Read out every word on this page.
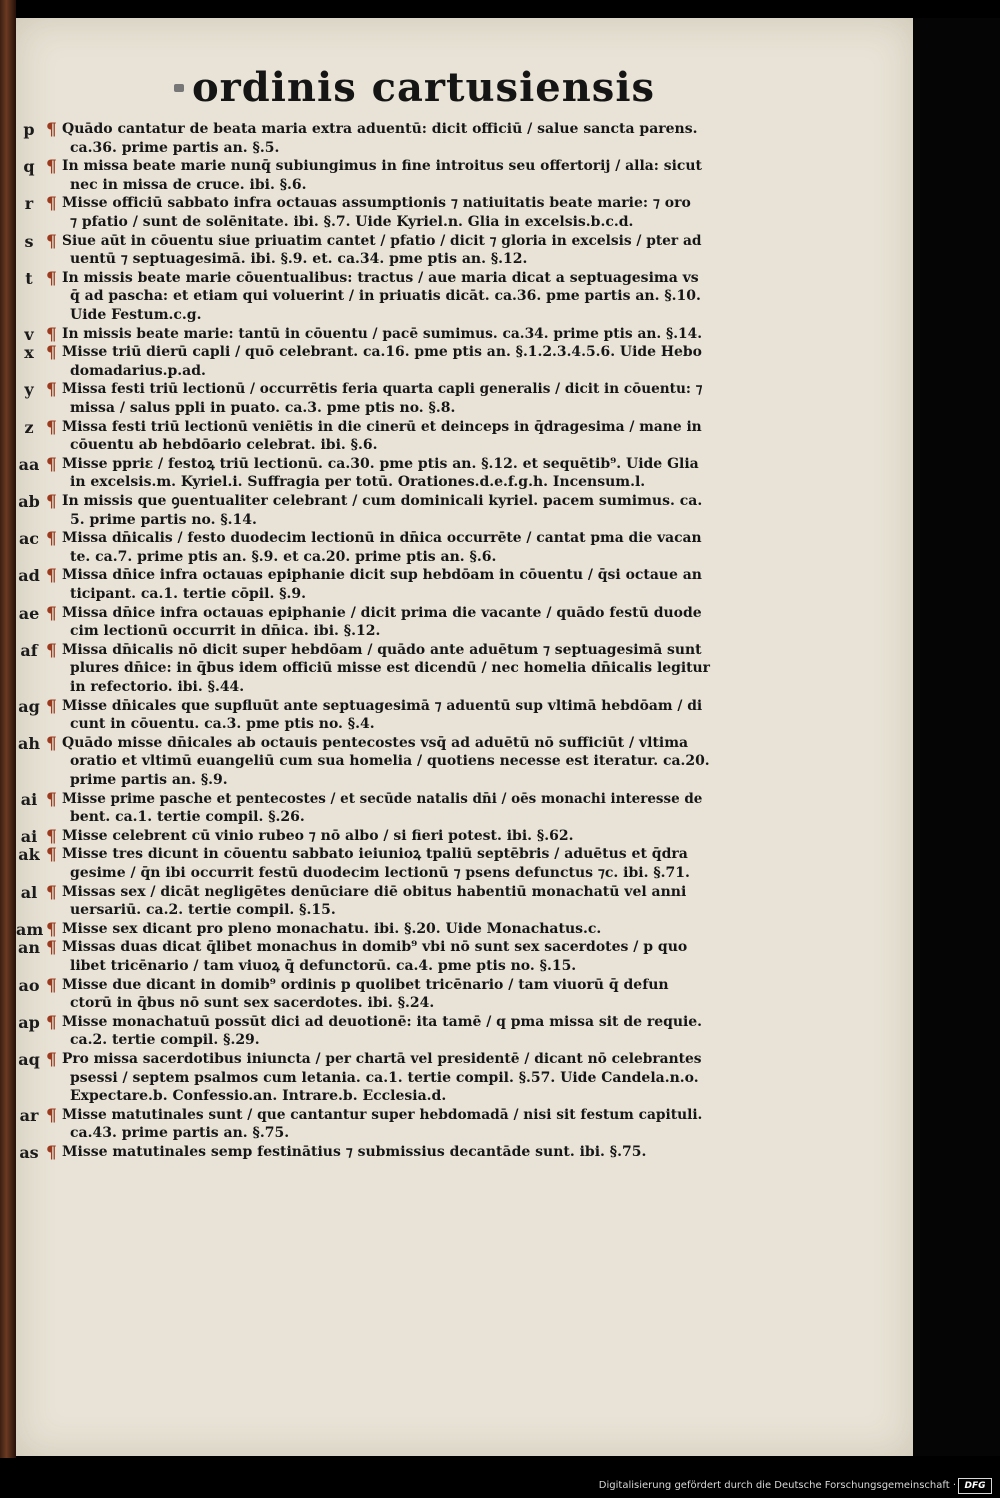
ordinis cartusiensis
p	Quādo cantatur de beata maria extra aduentū: dicit officiū / salue sancta parens.
ca.36. prime partis an. §.5.
¶
q	In missa beate marie nunq̄ subiungimus in fine introitus seu offertorij / alla: sicut
nec in missa de cruce. ibi. §.6.
¶
r	Misse officiū sabbato infra octauas assumptionis ⁊ natiuitatis beate marie: ⁊ oro
⁊ pfatio / sunt de solēnitate. ibi. §.7. Uide Kyriel.n. Glia in excelsis.b.c.d.
¶
s	Siue aūt in cōuentu siue priuatim cantet / pfatio / dicit ⁊ gloria in excelsis / pter ad
uentū ⁊ septuagesimā. ibi. §.9. et. ca.34. pme ptis an. §.12.
¶
t	In missis beate marie cōuentualibus: tractus / aue maria dicat a septuagesima vs
q̄ ad pascha: et etiam qui voluerint / in priuatis dicāt. ca.36. pme partis an. §.10.
Uide Festum.c.g.
¶
v	In missis beate marie: tantū in cōuentu / pacē sumimus. ca.34. prime ptis an. §.14.
¶
x	Misse triū dierū capli / quō celebrant. ca.16. pme ptis an. §.1.2.3.4.5.6. Uide Hebo
domadarius.p.ad.
¶
y	Missa festi triū lectionū / occurrētis feria quarta capli generalis / dicit in cōuentu: ⁊
missa / salus ppli in puato. ca.3. pme ptis no. §.8.
¶
z	Missa festi triū lectionū veniētis in die cinerū et deinceps in q̄dragesima / mane in
cōuentu ab hebdōario celebrat. ibi. §.6.
¶
aa Misse ppriε / festoꝝ triū lectionū. ca.30. pme ptis an. §.12. et sequētib⁹. Uide Glia
in excelsis.m. Kyriel.i. Suffragia per totū. Orationes.d.e.f.g.h. Incensum.l.
¶
ab In missis que ꝯuentualiter celebrant / cum dominicali kyriel. pacem sumimus. ca.
5. prime partis no. §.14.
¶
ac Missa dn̄icalis / festo duodecim lectionū in dn̄ica occurrēte / cantat pma die vacan
te. ca.7. prime ptis an. §.9. et ca.20. prime ptis an. §.6.
¶
ad Missa dn̄ice infra octauas epiphanie dicit sup hebdōam in cōuentu / q̄si octaue an
ticipant. ca.1. tertie cōpil. §.9.
¶
ae Missa dn̄ice infra octauas epiphanie / dicit prima die vacante / quādo festū duode
cim lectionū occurrit in dn̄ica. ibi. §.12.
¶
af	Missa dn̄icalis nō dicit super hebdōam / quādo ante aduētum ⁊ septuagesimā sunt
plures dn̄ice: in q̄bus idem officiū misse est dicendū / nec homelia dn̄icalis legitur
in refectorio. ibi. §.44.
¶
ag Misse dn̄icales que supfluūt ante septuagesimā ⁊ aduentū sup vltimā hebdōam / di
cunt in cōuentu. ca.3. pme ptis no. §.4.
¶
ah Quādo misse dn̄icales ab octauis pentecostes vsq̄ ad aduētū nō sufficiūt / vltima
oratio et vltimū euangeliū cum sua homelia / quotiens necesse est iteratur. ca.20.
prime partis an. §.9.
¶
ai	Misse prime pasche et pentecostes / et secūde natalis dn̄i / oēs monachi interesse de
bent. ca.1. tertie compil. §.26.
¶
ai	Misse celebrent cū vinio rubeo ⁊ nō albo / si fieri potest. ibi. §.62.
¶
ak Misse tres dicunt in cōuentu sabbato ieiunioꝝ tpaliū septēbris / aduētus et q̄dra
gesime / q̄n ibi occurrit festū duodecim lectionū ⁊ psens defunctus ⁊c. ibi. §.71.
¶
al	Missas sex / dicāt negligētes denūciare diē obitus habentiū monachatū vel anni
uersariū. ca.2. tertie compil. §.15.
¶
am Misse sex dicant pro pleno monachatu. ibi. §.20. Uide Monachatus.c.
¶
an Missas duas dicat q̄libet monachus in domib⁹ vbi nō sunt sex sacerdotes / p quo
libet tricēnario / tam viuoꝝ q̄ defunctorū. ca.4. pme ptis no. §.15.
¶
ao Misse due dicant in domib⁹ ordinis p quolibet tricēnario / tam viuorū q̄ defun
ctorū in q̄bus nō sunt sex sacerdotes. ibi. §.24.
¶
ap Misse monachatuū possūt dici ad deuotionē: ita tamē / q pma missa sit de requie.
ca.2. tertie compil. §.29.
¶
aq Pro missa sacerdotibus iniuncta / per chartā vel presidentē / dicant nō celebrantes
psessi / septem psalmos cum letania. ca.1. tertie compil. §.57. Uide Candela.n.o.
Expectare.b. Confessio.an. Intrare.b. Ecclesia.d.
¶
ar Misse matutinales sunt / que cantantur super hebdomadā / nisi sit festum capituli.
ca.43. prime partis an. §.75.
¶
as Misse matutinales semp festinātius ⁊ submissius decantāde sunt. ibi. §.75.
¶
Digitalisierung gefördert durch die Deutsche Forschungsgemeinschaft · DFG
